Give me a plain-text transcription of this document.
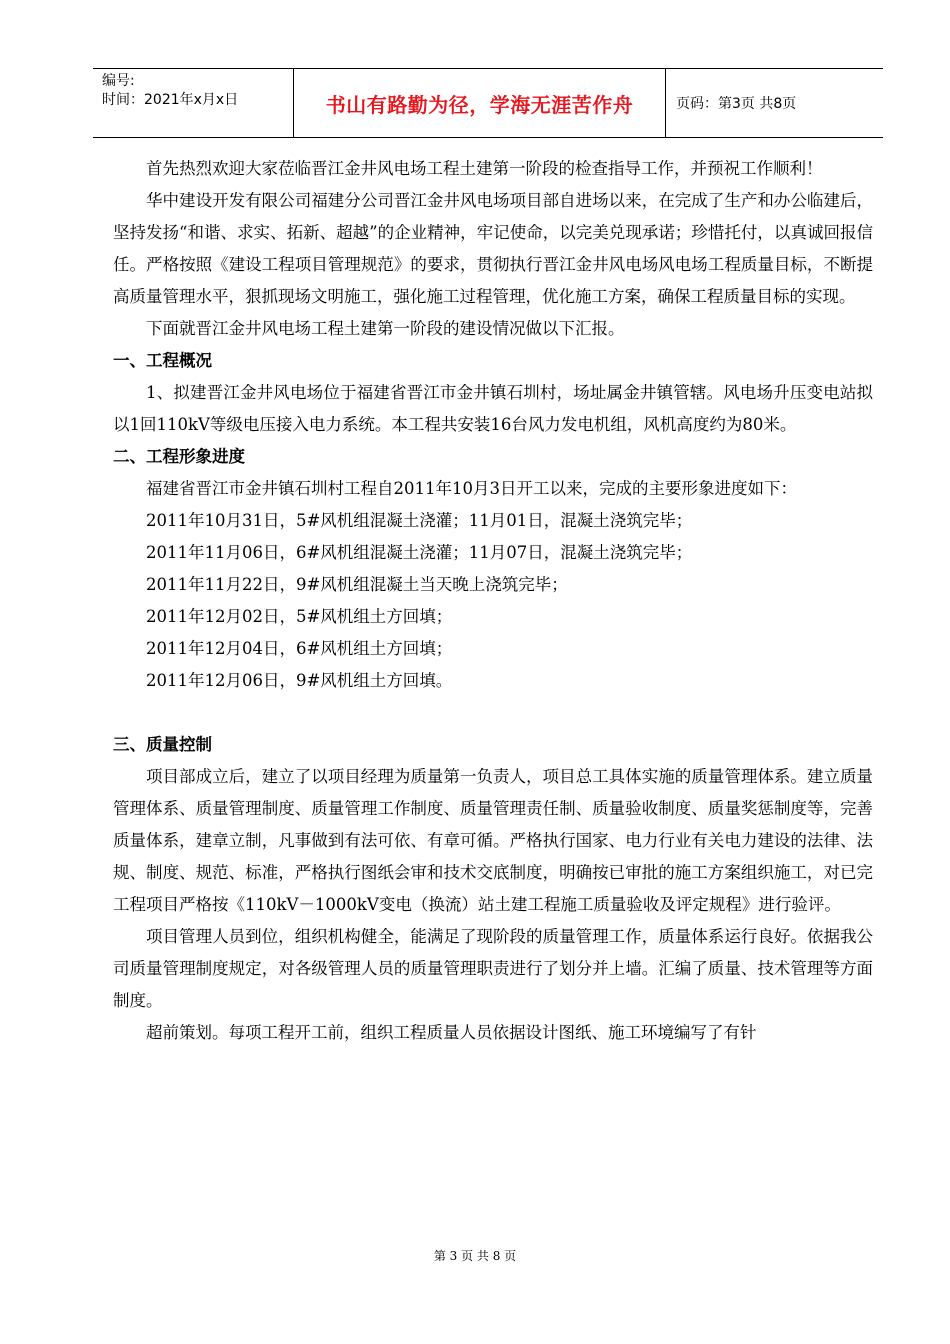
编号:
时间：2021年x月x日	书山有路勤为径，学海无涯苦作舟	页码：第3页 共8页

首先热烈欢迎大家莅临晋江金井风电场工程土建第一阶段的检查指导工作，并预祝工作顺利！

华中建设开发有限公司福建分公司晋江金井风电场项目部自进场以来，在完成了生产和办公临建后，坚持发扬“和谐、求实、拓新、超越”的企业精神，牢记使命，以完美兑现承诺；珍惜托付，以真诚回报信任。严格按照《建设工程项目管理规范》的要求，贯彻执行晋江金井风电场风电场工程质量目标，不断提高质量管理水平，狠抓现场文明施工，强化施工过程管理，优化施工方案，确保工程质量目标的实现。

下面就晋江金井风电场工程土建第一阶段的建设情况做以下汇报。

一、工程概况

1、拟建晋江金井风电场位于福建省晋江市金井镇石圳村，场址属金井镇管辖。风电场升压变电站拟以1回110kV等级电压接入电力系统。本工程共安装16台风力发电机组，风机高度约为80米。

二、工程形象进度

福建省晋江市金井镇石圳村工程自2011年10月3日开工以来，完成的主要形象进度如下：

2011年10月31日，5#风机组混凝土浇灌；11月01日，混凝土浇筑完毕；

2011年11月06日，6#风机组混凝土浇灌；11月07日，混凝土浇筑完毕；

2011年11月22日，9#风机组混凝土当天晚上浇筑完毕；

2011年12月02日，5#风机组土方回填；

2011年12月04日，6#风机组土方回填；

2011年12月06日，9#风机组土方回填。

三、质量控制

项目部成立后，建立了以项目经理为质量第一负责人，项目总工具体实施的质量管理体系。建立质量管理体系、质量管理制度、质量管理工作制度、质量管理责任制、质量验收制度、质量奖惩制度等，完善质量体系，建章立制，凡事做到有法可依、有章可循。严格执行国家、电力行业有关电力建设的法律、法规、制度、规范、标准，严格执行图纸会审和技术交底制度，明确按已审批的施工方案组织施工，对已完工程项目严格按《110kV－1000kV变电（换流）站土建工程施工质量验收及评定规程》进行验评。

项目管理人员到位，组织机构健全，能满足了现阶段的质量管理工作，质量体系运行良好。依据我公司质量管理制度规定，对各级管理人员的质量管理职责进行了划分并上墙。汇编了质量、技术管理等方面制度。

超前策划。每项工程开工前，组织工程质量人员依据设计图纸、施工环境编写了有针

第 3 页 共 8 页
